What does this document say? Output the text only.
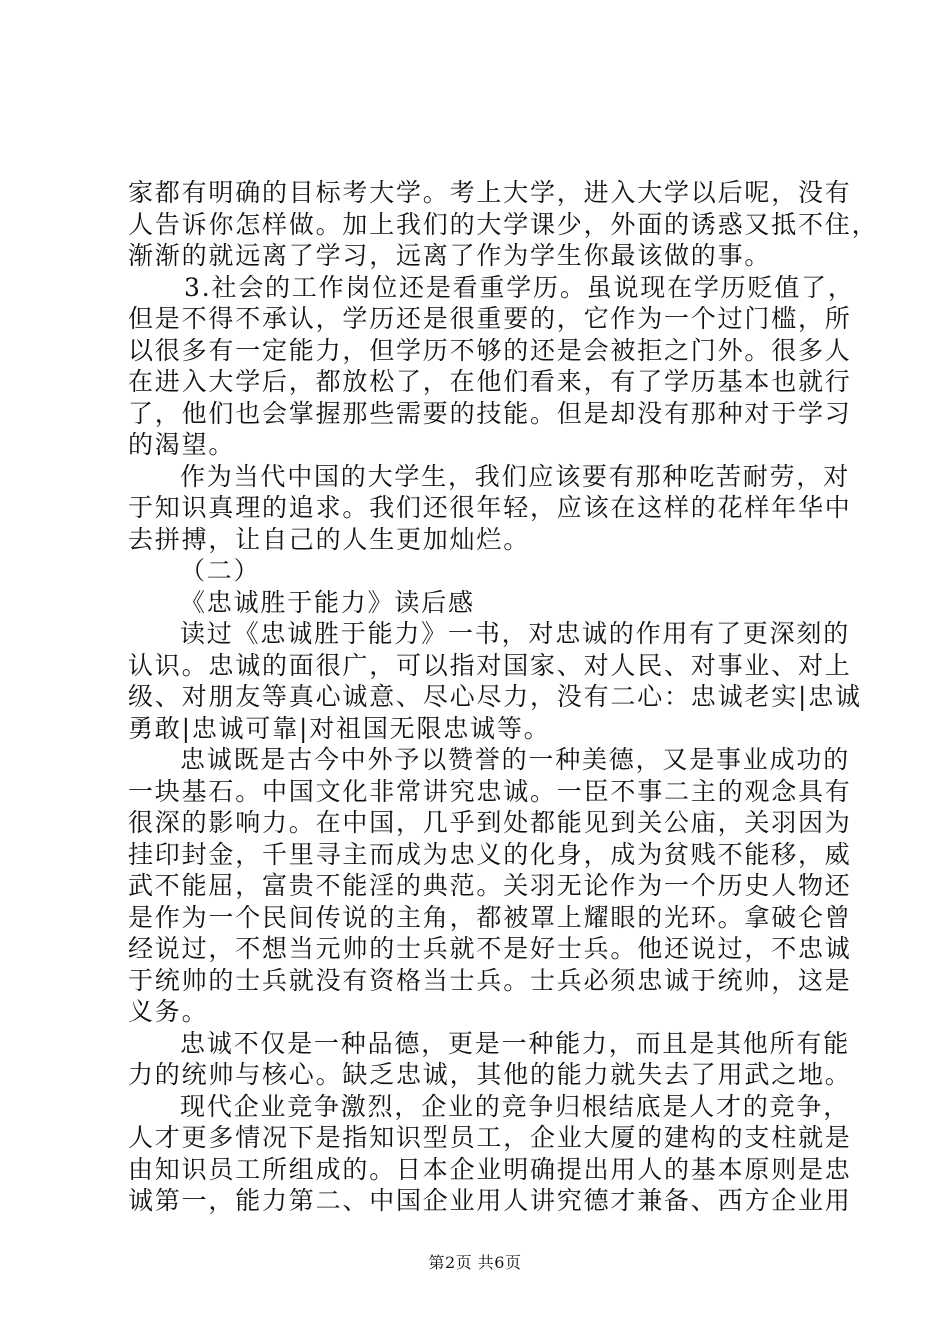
家都有明确的目标考大学。考上大学，进入大学以后呢，没有
人告诉你怎样做。加上我们的大学课少，外面的诱惑又抵不住，
渐渐的就远离了学习，远离了作为学生你最该做的事。
3.社会的工作岗位还是看重学历。虽说现在学历贬值了，
但是不得不承认，学历还是很重要的，它作为一个过门槛，所
以很多有一定能力，但学历不够的还是会被拒之门外。很多人
在进入大学后，都放松了，在他们看来，有了学历基本也就行
了，他们也会掌握那些需要的技能。但是却没有那种对于学习
的渴望。
作为当代中国的大学生，我们应该要有那种吃苦耐劳，对
于知识真理的追求。我们还很年轻，应该在这样的花样年华中
去拼搏，让自己的人生更加灿烂。
（二）
《忠诚胜于能力》读后感
读过《忠诚胜于能力》一书，对忠诚的作用有了更深刻的
认识。忠诚的面很广，可以指对国家、对人民、对事业、对上
级、对朋友等真心诚意、尽心尽力，没有二心：忠诚老实|忠诚
勇敢|忠诚可靠|对祖国无限忠诚等。
忠诚既是古今中外予以赞誉的一种美德，又是事业成功的
一块基石。中国文化非常讲究忠诚。一臣不事二主的观念具有
很深的影响力。在中国，几乎到处都能见到关公庙，关羽因为
挂印封金，千里寻主而成为忠义的化身，成为贫贱不能移，威
武不能屈，富贵不能淫的典范。关羽无论作为一个历史人物还
是作为一个民间传说的主角，都被罩上耀眼的光环。拿破仑曾
经说过，不想当元帅的士兵就不是好士兵。他还说过，不忠诚
于统帅的士兵就没有资格当士兵。士兵必须忠诚于统帅，这是
义务。
忠诚不仅是一种品德，更是一种能力，而且是其他所有能
力的统帅与核心。缺乏忠诚，其他的能力就失去了用武之地。
现代企业竞争激烈，企业的竞争归根结底是人才的竞争，
人才更多情况下是指知识型员工，企业大厦的建构的支柱就是
由知识员工所组成的。日本企业明确提出用人的基本原则是忠
诚第一，能力第二、中国企业用人讲究德才兼备、西方企业用
第2页 共6页
